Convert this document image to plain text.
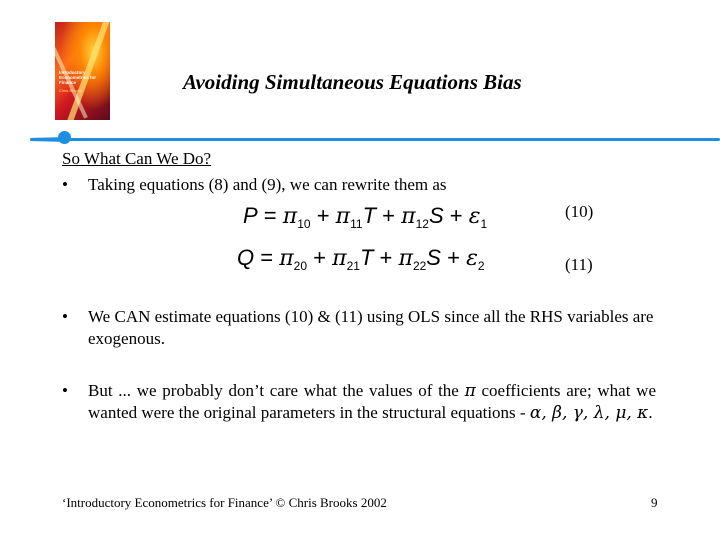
Introductory Econometrics for Finance
Chris Brooks	Avoiding Simultaneous Equations Bias
So What Can We Do?
•	Taking equations (8) and (9), we can rewrite them as
$P = \pi_{10} + \pi_{11}T + \pi_{12}S + \varepsilon_1$
(10)
$Q = \pi_{20} + \pi_{21}T + \pi_{22}S + \varepsilon_2$	(11)
•	We CAN estimate equations (10) & (11) using OLS since all the RHS variables are exogenous.
•	But ... we probably don’t care what the values of the π coefficients are; what we wanted were the original parameters in the structural equations - α, β, γ, λ, μ, κ.
‘Introductory Econometrics for Finance’ © Chris Brooks 2002	9
